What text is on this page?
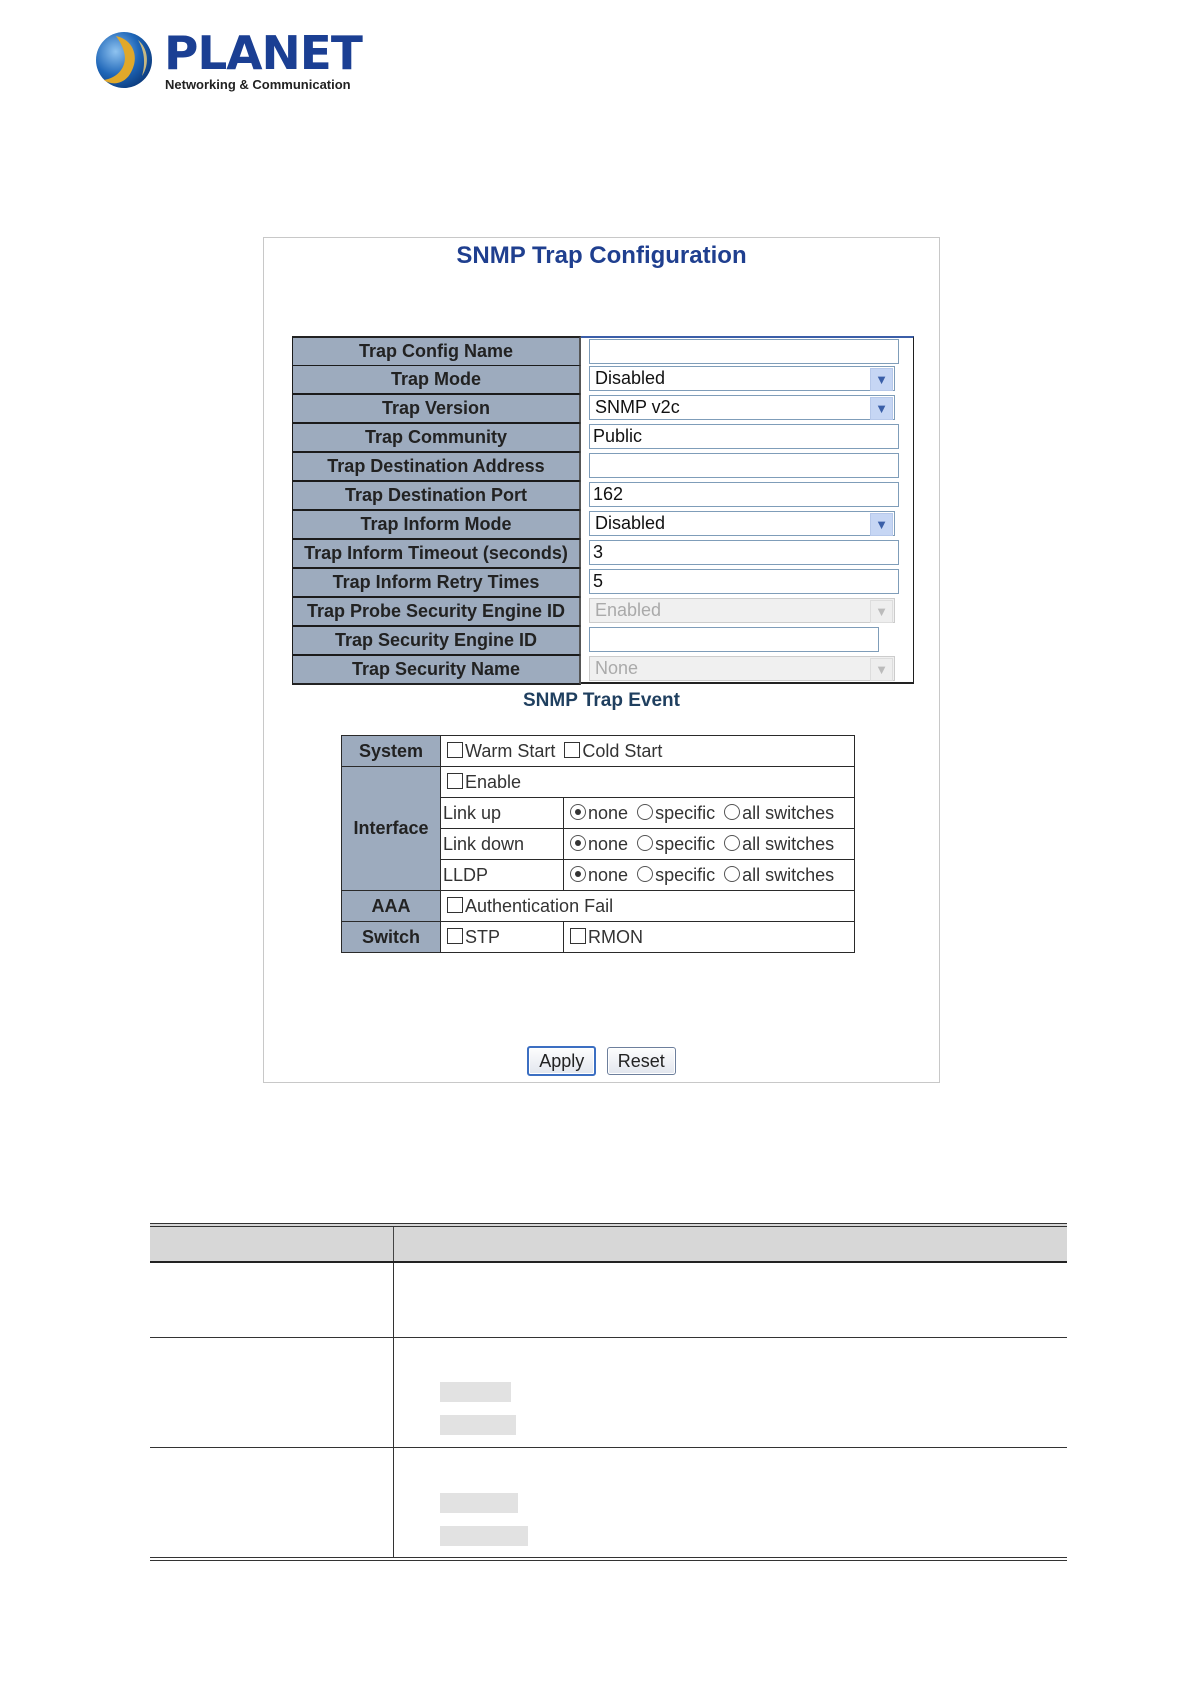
PLANET
Networking & Communication
SNMP Trap Configuration
Trap Config Name
Trap Mode	Disabled	▼
Trap Version	SNMP v2c	▼
Trap Community	Public
Trap Destination Address
Trap Destination Port	162
Trap Inform Mode	Disabled	▼
Trap Inform Timeout (seconds)	3
Trap Inform Retry Times	5
Trap Probe Security Engine ID	Enabled	▼
Trap Security Engine ID
Trap Security Name	None	▼
SNMP Trap Event
System	Warm Start Cold Start	
Interface	Enable	
	Link up	none specific all switches
	Link down	none specific all switches
	LLDP	none specific all switches
AAA	Authentication Fail	
Switch	STP	RMON
Apply Reset
